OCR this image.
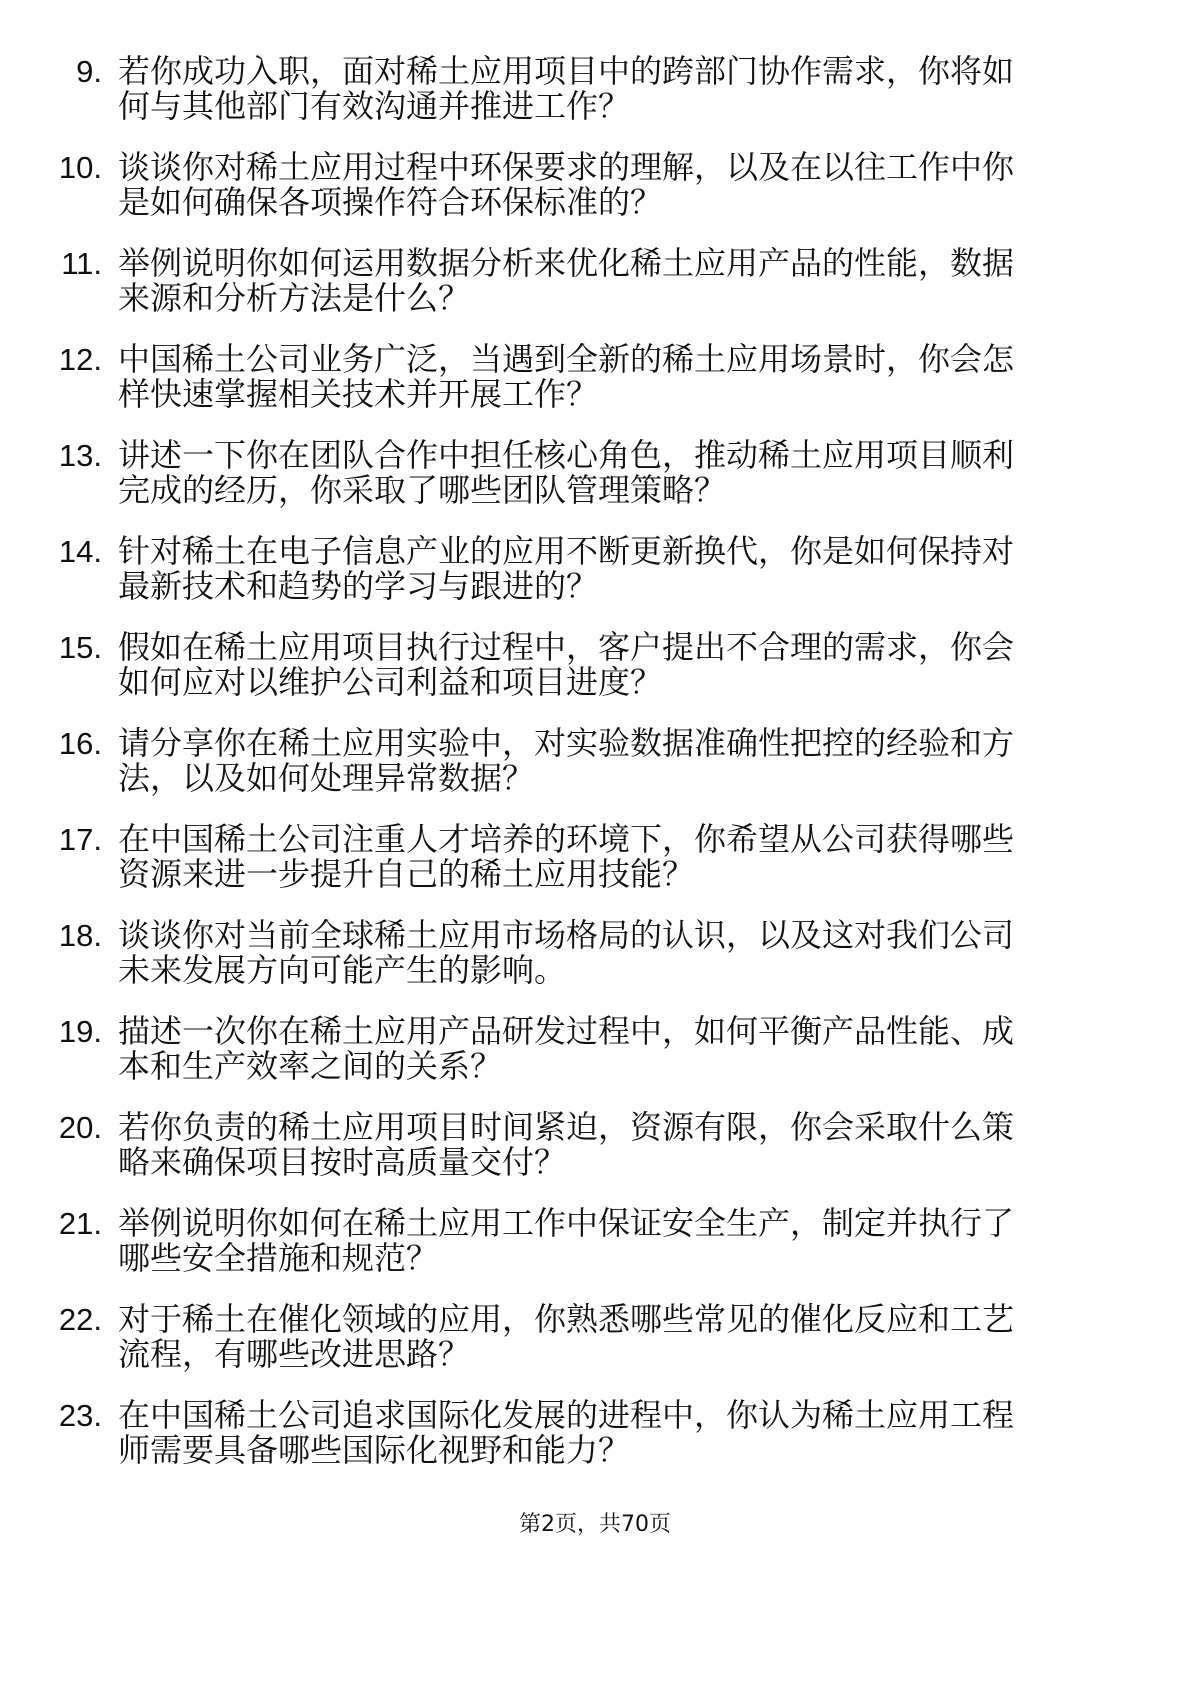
9. 若你成功入职，面对稀土应用项目中的跨部门协作需求，你将如
何与其他部门有效沟通并推进工作？
10. 谈谈你对稀土应用过程中环保要求的理解，以及在以往工作中你
是如何确保各项操作符合环保标准的？
11. 举例说明你如何运用数据分析来优化稀土应用产品的性能，数据
来源和分析方法是什么？
12. 中国稀土公司业务广泛，当遇到全新的稀土应用场景时，你会怎
样快速掌握相关技术并开展工作？
13. 讲述一下你在团队合作中担任核心角色，推动稀土应用项目顺利
完成的经历，你采取了哪些团队管理策略？
14. 针对稀土在电子信息产业的应用不断更新换代，你是如何保持对
最新技术和趋势的学习与跟进的？
15. 假如在稀土应用项目执行过程中，客户提出不合理的需求，你会
如何应对以维护公司利益和项目进度？
16. 请分享你在稀土应用实验中，对实验数据准确性把控的经验和方
法，以及如何处理异常数据？
17. 在中国稀土公司注重人才培养的环境下，你希望从公司获得哪些
资源来进一步提升自己的稀土应用技能？
18. 谈谈你对当前全球稀土应用市场格局的认识，以及这对我们公司
未来发展方向可能产生的影响。
19. 描述一次你在稀土应用产品研发过程中，如何平衡产品性能、成
本和生产效率之间的关系？
20. 若你负责的稀土应用项目时间紧迫，资源有限，你会采取什么策
略来确保项目按时高质量交付？
21. 举例说明你如何在稀土应用工作中保证安全生产，制定并执行了
哪些安全措施和规范？
22. 对于稀土在催化领域的应用，你熟悉哪些常见的催化反应和工艺
流程，有哪些改进思路？
23. 在中国稀土公司追求国际化发展的进程中，你认为稀土应用工程
师需要具备哪些国际化视野和能力？
第2页，共70页
